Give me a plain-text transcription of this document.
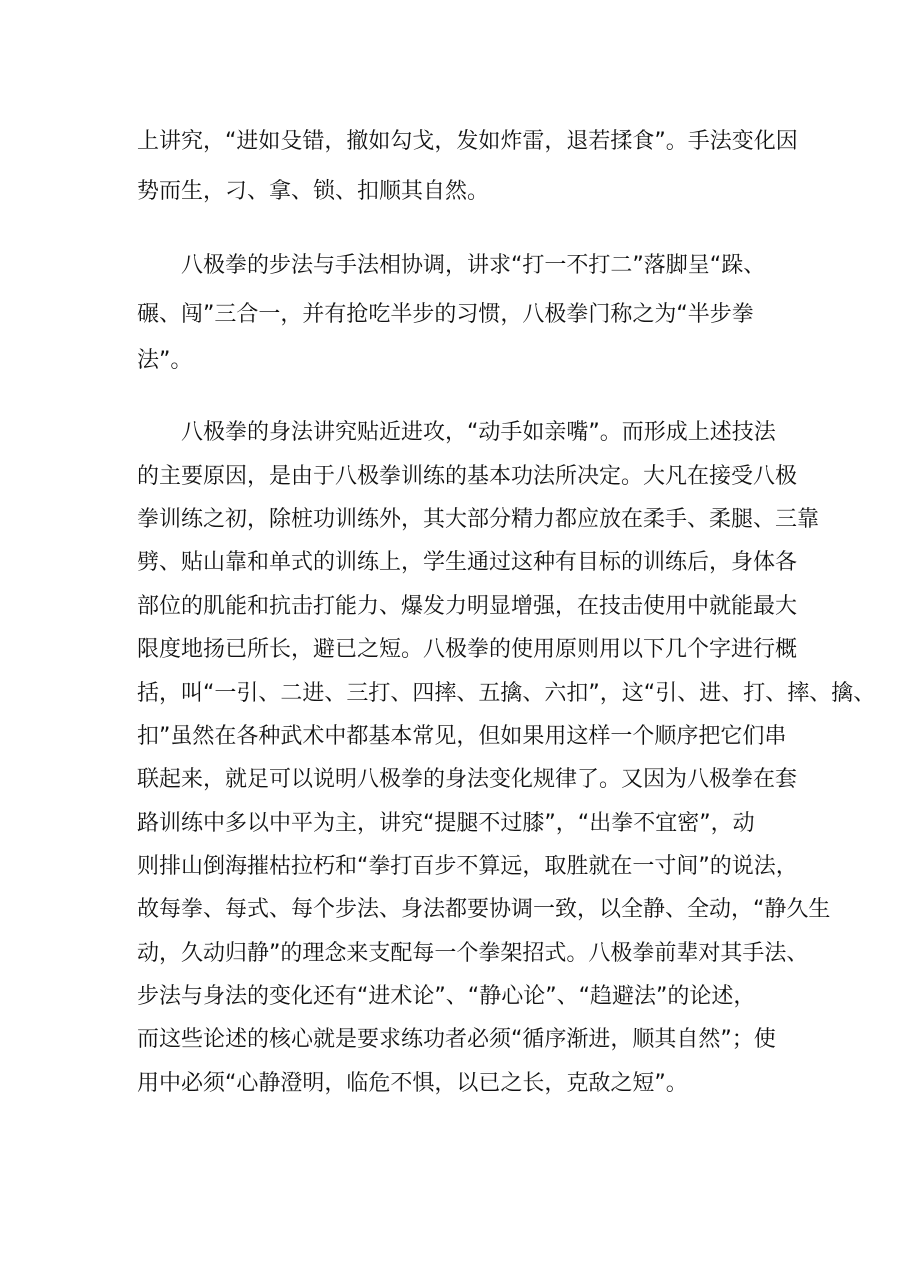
上讲究，“进如殳错，撤如勾戈，发如炸雷，退若揉食”。手法变化因
势而生，刁、拿、锁、扣顺其自然。
八极拳的步法与手法相协调，讲求“打一不打二”落脚呈“跺、
碾、闯”三合一，并有抢吃半步的习惯，八极拳门称之为“半步拳
法”。
八极拳的身法讲究贴近进攻，“动手如亲嘴”。而形成上述技法
的主要原因，是由于八极拳训练的基本功法所决定。大凡在接受八极
拳训练之初，除桩功训练外，其大部分精力都应放在柔手、柔腿、三靠
劈、贴山靠和单式的训练上，学生通过这种有目标的训练后，身体各
部位的肌能和抗击打能力、爆发力明显增强，在技击使用中就能最大
限度地扬已所长，避已之短。八极拳的使用原则用以下几个字进行概
括，叫“一引、二进、三打、四摔、五擒、六扣”，这“引、进、打、摔、擒、
扣”虽然在各种武术中都基本常见，但如果用这样一个顺序把它们串
联起来，就足可以说明八极拳的身法变化规律了。又因为八极拳在套
路训练中多以中平为主，讲究“提腿不过膝”，“出拳不宜密”，动
则排山倒海摧枯拉朽和“拳打百步不算远，取胜就在一寸间”的说法，
故每拳、每式、每个步法、身法都要协调一致，以全静、全动，“静久生
动，久动归静”的理念来支配每一个拳架招式。八极拳前辈对其手法、
步法与身法的变化还有“进术论”、“静心论”、“趋避法”的论述，
而这些论述的核心就是要求练功者必须“循序渐进，顺其自然”；使
用中必须“心静澄明，临危不惧，以已之长，克敌之短”。
